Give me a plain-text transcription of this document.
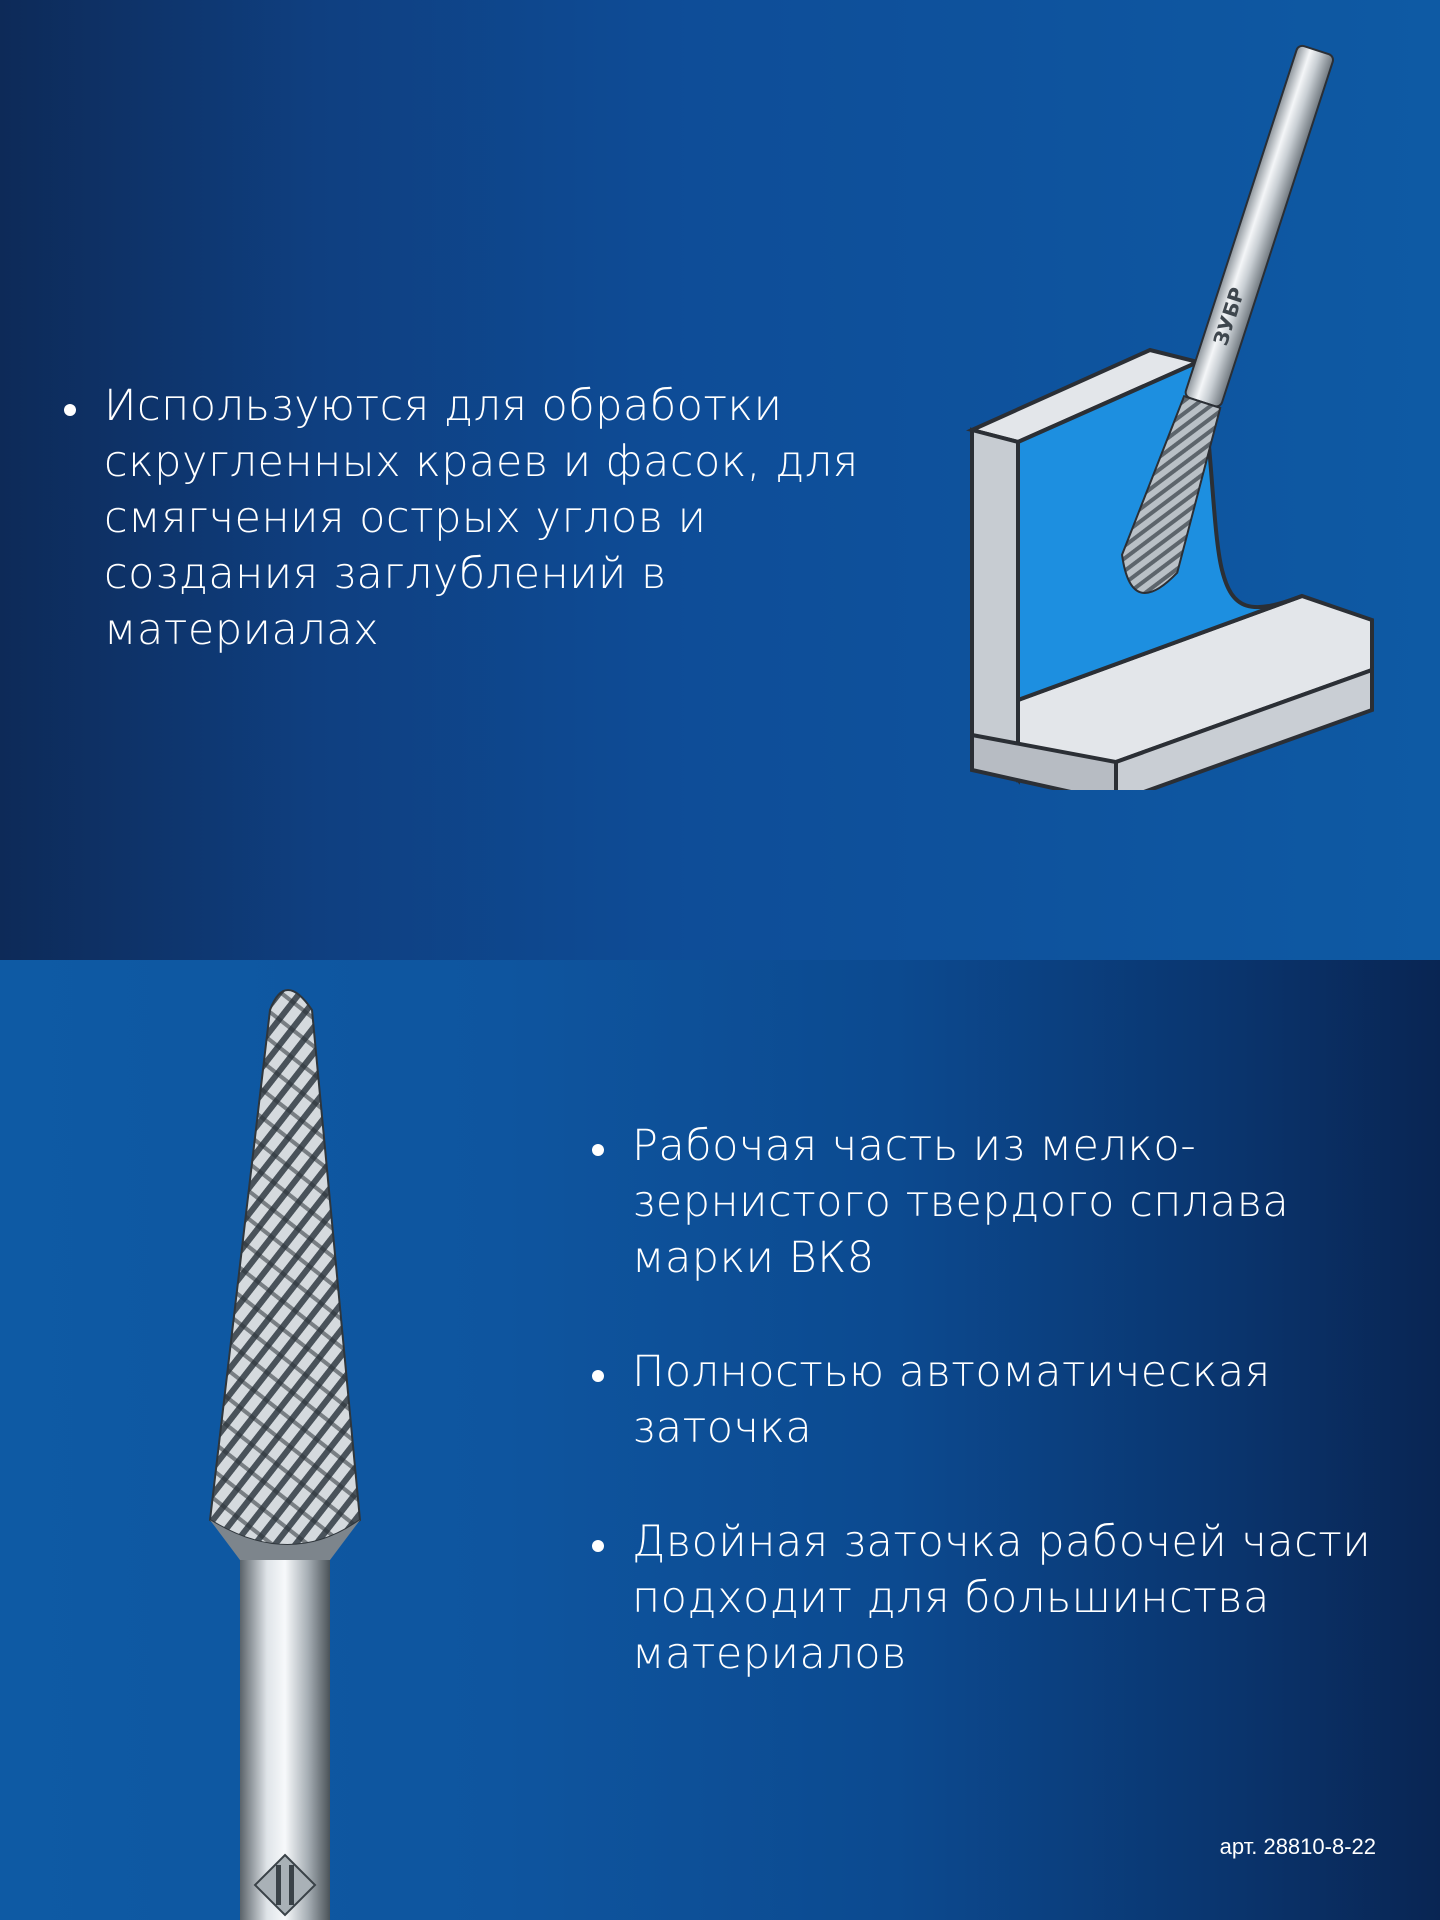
Используются для обработки скругленных краев и фасок, для смягчения острых углов и создания заглублений в материалах
ЗУБР
Рабочая часть из мелко-зернистого твердого сплава марки ВК8
Полностью автоматическая заточка
Двойная заточка рабочей части подходит для большинства материалов
арт. 28810-8-22
